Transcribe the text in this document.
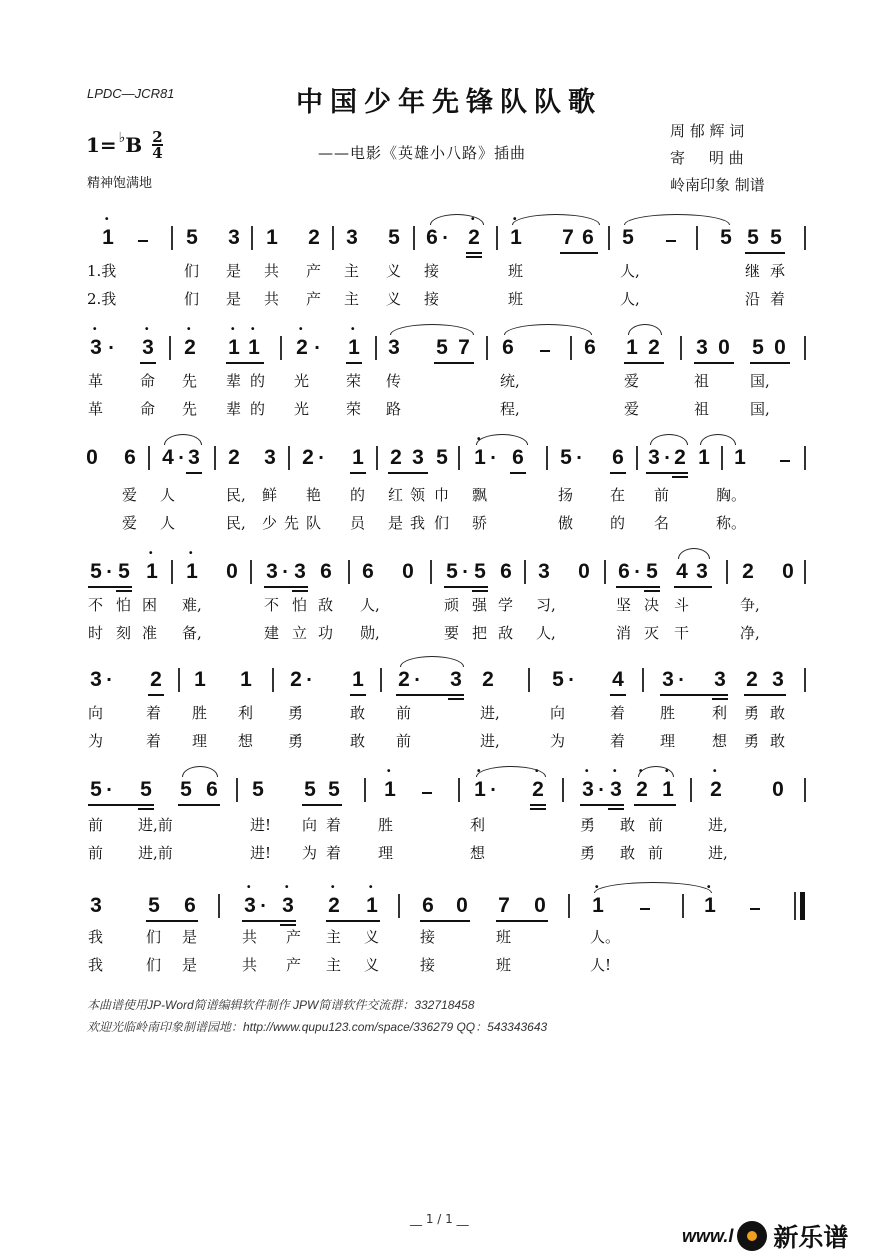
LPDC—JCR81	中国少年先锋队队歌
——电影《英雄小八路》插曲
1= ♭ B $\frac{2}{4}$
精神饱满地
周 郁 辉 词
寄     明 曲
岭南印象 制谱
• 1	5 3 1 2 3 5 6 · • 2 • 1 7 6 5	5 5 5
1.我	们 是 共 产 主 义 接	班	人,	继 承
2.我	们 是 共 产 主 义 接	班	人,	沿 着
• 3 · • 3 • 2 • 1 • 1 • 2 · • 1 3 5 7 6	6 1 2 3 0 5 0
革 命 先 辈 的 光 荣 传	统,	爱	祖	国,
革 命 先 辈 的 光 荣 路	程,	爱	祖	国,
0 6 4 · 3 2 3 2 · 1 2 3 5 • 1 · 6 5 · 6 3 · 2 1 1
爱 人	民, 鲜 艳 的 红 领 巾 飘	扬 在 前	胸。
爱 人	民, 少 先 队 员 是 我 们 骄	傲 的 名	称。
5 · 5 • 1 • 1 0 3 · 3 6 6 0 5 · 5 6 3 0 6 · 5 4 3 2 0
不 怕 困 难,	不 怕 敌 人,	顽 强 学 习,	坚 决 斗	争,
时 刻 准 备,	建 立 功 勋,	要 把 敌 人,	消 灭 干	净,
3 · 2 1 1 2 · 1 2 · 3 2	5 · 4 3 · 3 2 3
向	着 胜 利 勇	敢 前	进,	向	着 胜 利 勇 敢
为	着 理 想 勇	敢 前	进,	为	着 理 想 勇 敢
5 · 5 5 6 5 5 5 • 1	• 1 · • 2 • 3 · • 3 • 2 • 1 • 2 0
前 进,前	进! 向 着 胜	利	勇 敢 前	进,
前 进,前	进! 为 着 理	想	勇 敢 前	进,
3 5 6 • 3 · • 3 • 2 • 1 6 0 7 0 • 1	• 1
我	们 是	共 产 主 义	接	班	人。
我	们 是	共 产 主 义	接	班	人!
本曲谱使用JP-Word简谱编辑软件制作 JPW简谱软件交流群：332718458
欢迎光临岭南印象制谱园地：http://www.qupu123.com/space/336279 QQ：543343643
__ 1 / 1 __
www.l 新乐谱
